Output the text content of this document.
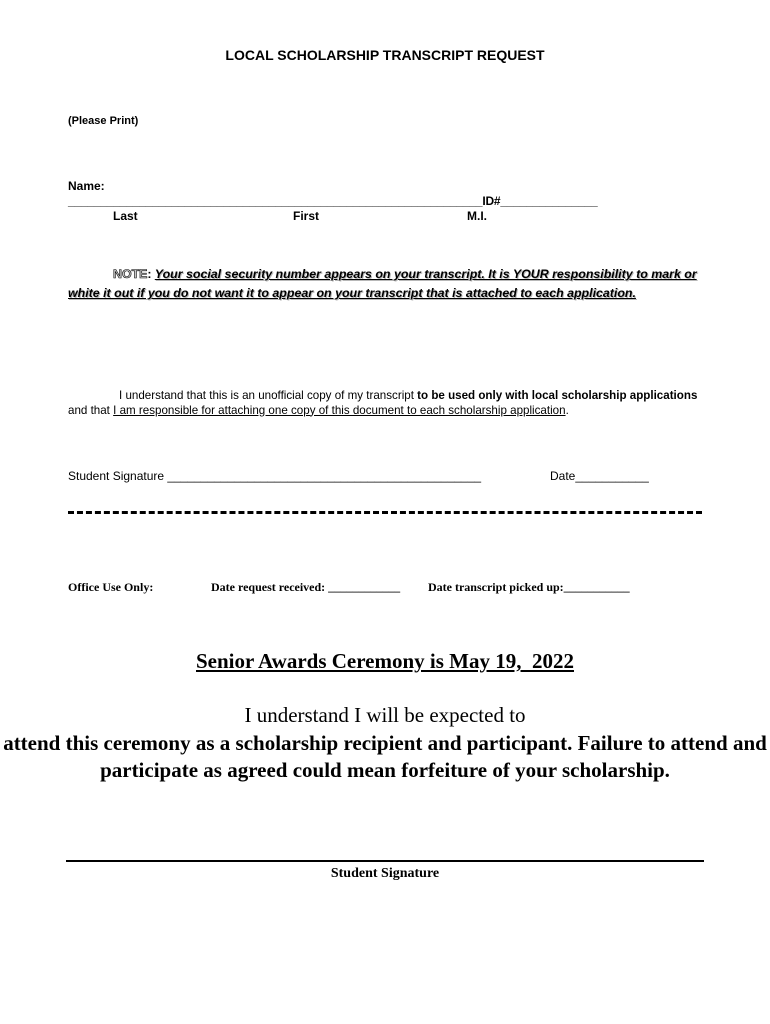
LOCAL SCHOLARSHIP TRANSCRIPT REQUEST
(Please Print)
Name:
________________________________________________________________ID#_______________
Last	First	M.I.
NOTE: Your social security number appears on your transcript. It is YOUR responsibility to mark or white it out if you do not want it to appear on your transcript that is attached to each application.
I understand that this is an unofficial copy of my transcript to be used only with local scholarship applications and that I am responsible for attaching one copy of this document to each scholarship application.
Student Signature _______________________________________________	Date___________
Office Use Only:	Date request received: ____________ Date transcript picked up:___________
Senior Awards Ceremony is May 19,  2022
I understand I will be expected to
attend this ceremony as a scholarship recipient and participant. Failure to attend and participate as agreed could mean forfeiture of your scholarship.
Student Signature
